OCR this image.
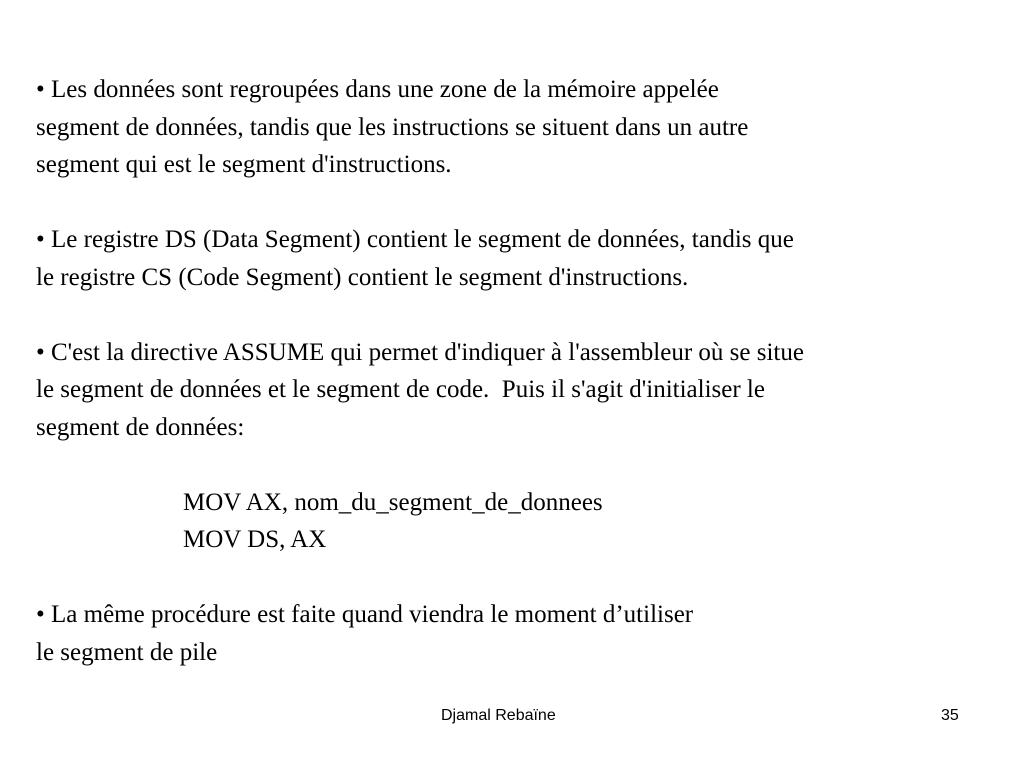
• Les données sont regroupées dans une zone de la mémoire appelée
segment de données, tandis que les instructions se situent dans un autre
segment qui est le segment d'instructions.
• Le registre DS (Data Segment) contient le segment de données, tandis que
le registre CS (Code Segment) contient le segment d'instructions.
• C'est la directive ASSUME qui permet d'indiquer à l'assembleur où se situe
le segment de données et le segment de code.  Puis il s'agit d'initialiser le
segment de données:
MOV AX, nom_du_segment_de_donnees
MOV DS, AX
• La même procédure est faite quand viendra le moment d’utiliser
le segment de pile
Djamal Rebaïne	35
